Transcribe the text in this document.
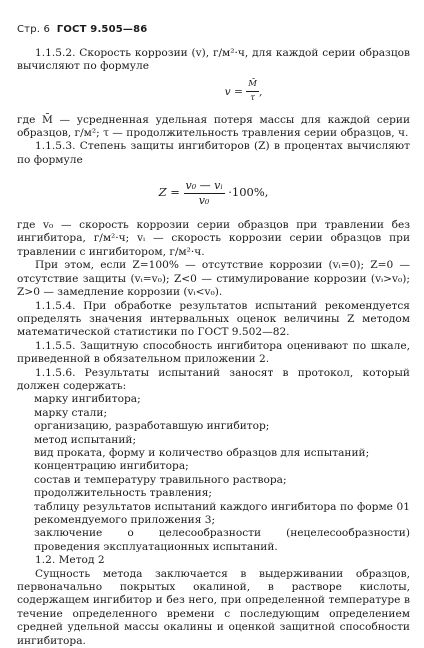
Стр. 6 ГОСТ 9.505—86

1.1.5.2. Скорость коррозии (v), г/м²·ч, для каждой серии образцов вычисляют по формуле

$v = \frac{M̄}{\tau}$ ,

где M̄ — усредненная удельная потеря массы для каждой серии образцов, г/м²; τ — продолжительность травления серии образцов, ч.

1.1.5.3. Степень защиты ингибиторов (Z) в процентах вычисляют по формуле

$Z = \frac{\text{v₀ — vᵢ}}{\text{v₀}} \cdot 100\%$,

где v₀ — скорость коррозии серии образцов при травлении без ингибитора, г/м²·ч; vᵢ — скорость коррозии серии образцов при травлении с ингибитором, г/м²·ч.

При этом, если Z=100% — отсутствие коррозии (vᵢ=0); Z=0 — отсутствие защиты (vᵢ=v₀); Z<0 — стимулирование коррозии (vᵢ>v₀); Z>0 — замедление коррозии (vᵢ<v₀).

1.1.5.4. При обработке результатов испытаний рекомендуется определять значения интервальных оценок величины Z методом математической статистики по ГОСТ 9.502—82.

1.1.5.5. Защитную способность ингибитора оценивают по шкале, приведенной в обязательном приложении 2.

1.1.5.6. Результаты испытаний заносят в протокол, который должен содержать:

марку ингибитора;

марку стали;

организацию, разработавшую ингибитор;

метод испытаний;

вид проката, форму и количество образцов для испытаний;

концентрацию ингибитора;

состав и температуру травильного раствора;

продолжительность травления;

таблицу результатов испытаний каждого ингибитора по форме 01 рекомендуемого приложения 3;

заключение о целесообразности (нецелесообразности) проведения эксплуатационных испытаний.

1.2. Метод 2

Сущность метода заключается в выдерживании образцов, первоначально покрытых окалиной, в растворе кислоты, содержащем ингибитор и без него, при определенной температуре в течение определенного времени с последующим определением средней удельной массы окалины и оценкой защитной способности ингибитора.
